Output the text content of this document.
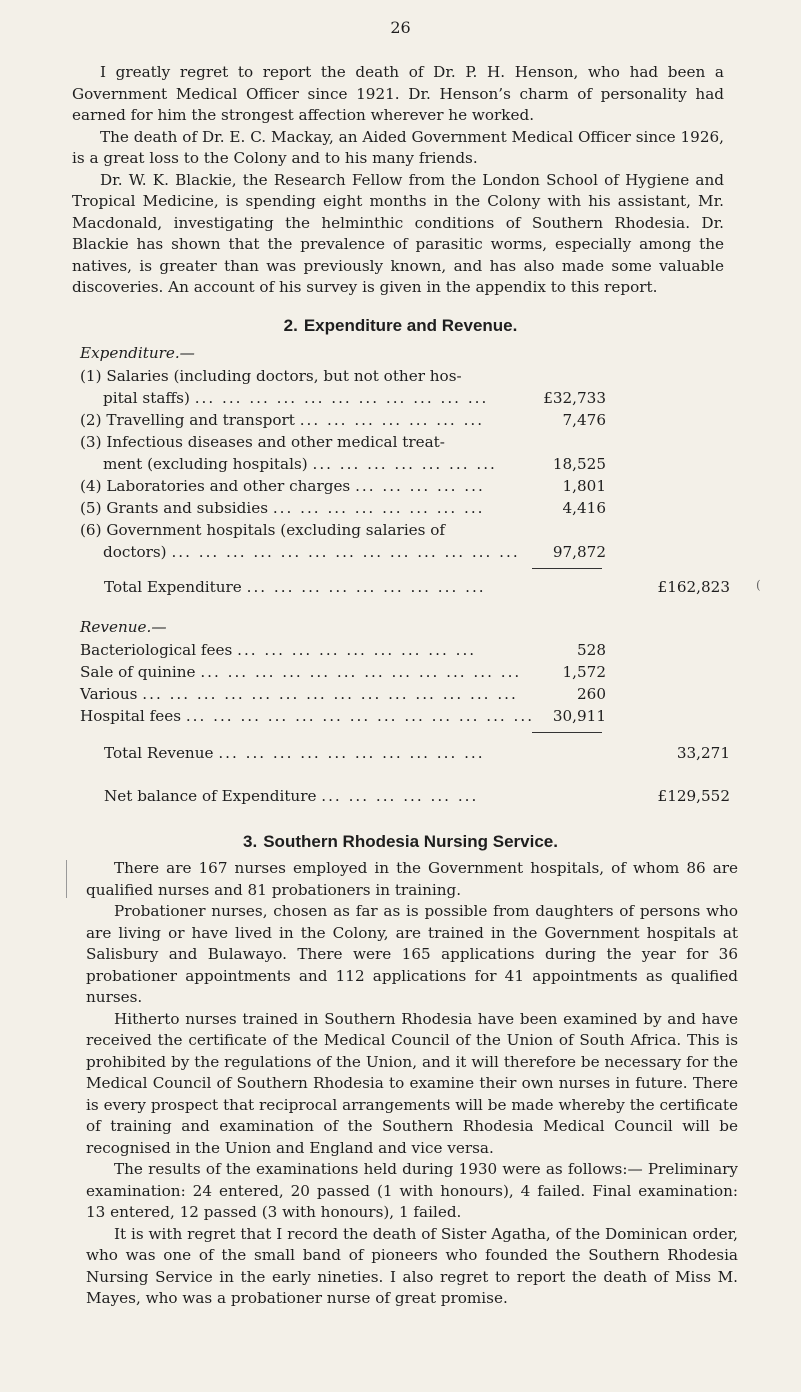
26

I greatly regret to report the death of Dr. P. H. Henson, who had been a Government Medical Officer since 1921. Dr. Henson’s charm of personality had earned for him the strongest affection wherever he worked.

The death of Dr. E. C. Mackay, an Aided Government Medical Officer since 1926, is a great loss to the Colony and to his many friends.

Dr. W. K. Blackie, the Research Fellow from the London School of Hygiene and Tropical Medicine, is spending eight months in the Colony with his assistant, Mr. Macdonald, investigating the helminthic conditions of Southern Rhodesia. Dr. Blackie has shown that the prevalence of parasitic worms, especially among the natives, is greater than was previously known, and has also made some valuable discoveries. An account of his survey is given in the appendix to this report.

2. Expenditure and Revenue.
Expenditure.—
(1) Salaries (including doctors, but not other hos-
pital staffs) ... ... ... ... ... ... ... ... ... ... ...	£32,733
(2) Travelling and transport ... ... ... ... ... ... ...	7,476
(3) Infectious diseases and other medical treat-
ment (excluding hospitals) ... ... ... ... ... ... ...	18,525
(4) Laboratories and other charges ... ... ... ... ...	1,801
(5) Grants and subsidies ... ... ... ... ... ... ... ...	4,416
(6) Government hospitals (excluding salaries of
doctors) ... ... ... ... ... ... ... ... ... ... ... ... ... 97,872
Total Expenditure ... ... ... ... ... ... ... ... ...	£162,823 (
Revenue.—
Bacteriological fees ... ... ... ... ... ... ... ... ...	528
Sale of quinine ... ... ... ... ... ... ... ... ... ... ... ...	1,572
Various ... ... ... ... ... ... ... ... ... ... ... ... ... ...	260
Hospital fees ... ... ... ... ... ... ... ... ... ... ... ... ... 30,911
Total Revenue ... ... ... ... ... ... ... ... ... ...	33,271
Net balance of Expenditure ... ... ... ... ... ...	£129,552
3. Southern Rhodesia Nursing Service.

There are 167 nurses employed in the Government hospitals, of whom 86 are qualified nurses and 81 probationers in training.

Probationer nurses, chosen as far as is possible from daughters of persons who are living or have lived in the Colony, are trained in the Government hospitals at Salisbury and Bulawayo. There were 165 applications during the year for 36 probationer appointments and 112 applications for 41 appointments as qualified nurses.

Hitherto nurses trained in Southern Rhodesia have been examined by and have received the certificate of the Medical Council of the Union of South Africa. This is prohibited by the regulations of the Union, and it will therefore be necessary for the Medical Council of Southern Rhodesia to examine their own nurses in future. There is every prospect that reciprocal arrangements will be made whereby the certificate of training and examination of the Southern Rhodesia Medical Council will be recognised in the Union and England and vice versa.

The results of the examinations held during 1930 were as follows:— Preliminary examination: 24 entered, 20 passed (1 with honours), 4 failed. Final examination: 13 entered, 12 passed (3 with honours), 1 failed.

It is with regret that I record the death of Sister Agatha, of the Dominican order, who was one of the small band of pioneers who founded the Southern Rhodesia Nursing Service in the early nineties. I also regret to report the death of Miss M. Mayes, who was a probationer nurse of great promise.
